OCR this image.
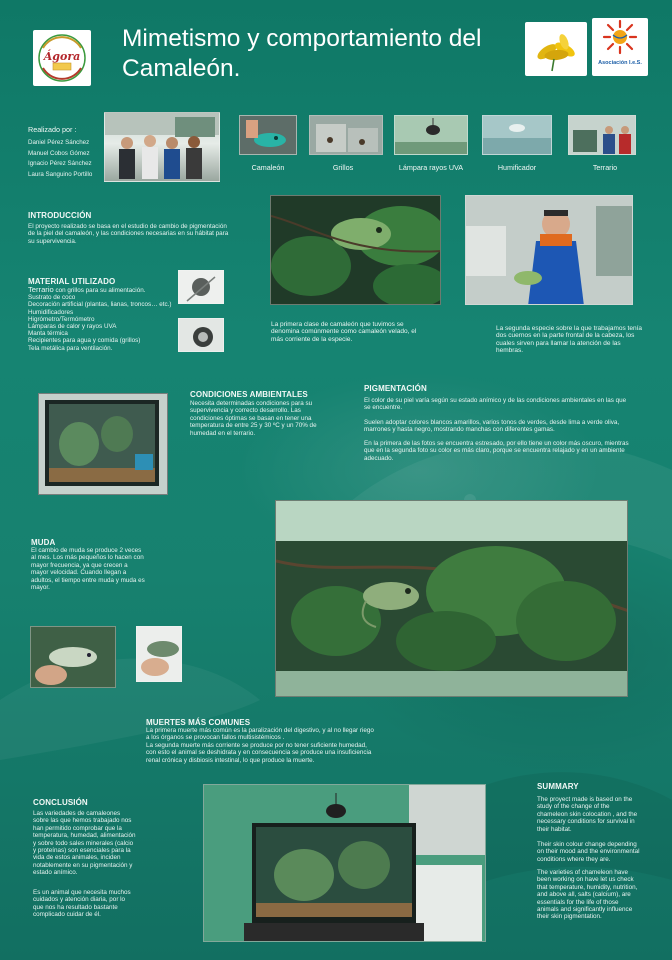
Ágora
Mimetismo y comportamiento del Camaleón.	Asociación I.e.S.
Realizado por :
Daniel Pérez Sánchez
Manuel Cobos Gómez
Ignacio Pérez Sánchez
Laura Sanguino Portillo
Camaleón	Grillos	Lámpara rayos UVA	Humificador	Terrario
INTRODUCCIÓN
El proyecto realizado se basa en el estudio de cambio de pigmentación
de la piel del camaleón, y las condiciones necesarias en su hábitat para
su supervivencia.
MATERIAL UTILIZADO
Terrario con grillos para su alimentación.
Sustrato de coco
Decoración artificial (plantas, lianas, troncos… etc.)
Humidificadores
Higrómetro/Termómetro
Lámparas de calor y rayos UVA
Manta térmica
Recipientes para agua y comida (grillos)
Tela metálica para ventilación.
La primera clase de camaleón que tuvimos se
denomina comúnmente como camaleón velado, el
más corriente de la especie.
La segunda especie sobre la que trabajamos tenía
dos cuernos en la parte frontal de la cabeza, los
cuales sirven para llamar la atención de las
hembras.
CONDICIONES AMBIENTALES
Necesita determinadas condiciones para su
supervivencia y correcto desarrollo. Las
condiciones óptimas se basan en tener una
temperatura de entre 25 y 30 ºC y un 70% de
humedad en el terrario.
PIGMENTACIÓN
El color de su piel varía según su estado anímico y de las condiciones ambientales en las que
se encuentre.
Suelen adoptar colores blancos amarillos, varios tonos de verdes, desde lima a verde oliva,
marrones y hasta negro, mostrando manchas con diferentes gamas.
En la primera de las fotos se encuentra estresado, por ello tiene un color más oscuro, mientras
que en la segunda foto su color es más claro, porque se encuentra relajado y en un ambiente
adecuado.
MUDA
El cambio de muda se produce 2 veces
al mes. Los más pequeños lo hacen con
mayor frecuencia, ya que crecen a
mayor velocidad. Cuando llegan a
adultos, el tiempo entre muda y muda es
mayor.
MUERTES MÁS COMUNES
La primera muerte más común es la paralización del digestivo, y al no llegar riego
a los órganos se provocan fallos multisistémicos .
La segunda muerte más corriente se produce por no tener suficiente humedad,
con esto el animal se deshidrata y en consecuencia se produce una insuficiencia
renal crónica y disbiosis intestinal, lo que produce la muerte.
CONCLUSIÓN
Las variedades de camaleones
sobre las que hemos trabajado nos
han permitido comprobar que la
temperatura, humedad, alimentación
y sobre todo sales minerales (calcio
y proteínas) son esenciales para la
vida de estos animales, inciden
notablemente en su pigmentación y
estado anímico.
Es un animal que necesita muchos
cuidados y atención diaria, por lo
que nos ha resultado bastante
complicado cuidar de él.
SUMMARY
The proyect made is based on the
study of the change of the
chameleon skin colocation , and the
necessary conditions for survival in
their habitat.
Their skin colour change depending
on their mood and the environmental
conditions where they are.
The varieties of chameleon have
been working on have let us check
that temperature, humidity, nutrition,
and above all, salts (calcium), are
essentials for the life of those
animals and significantly influence
their skin pigmentation.
